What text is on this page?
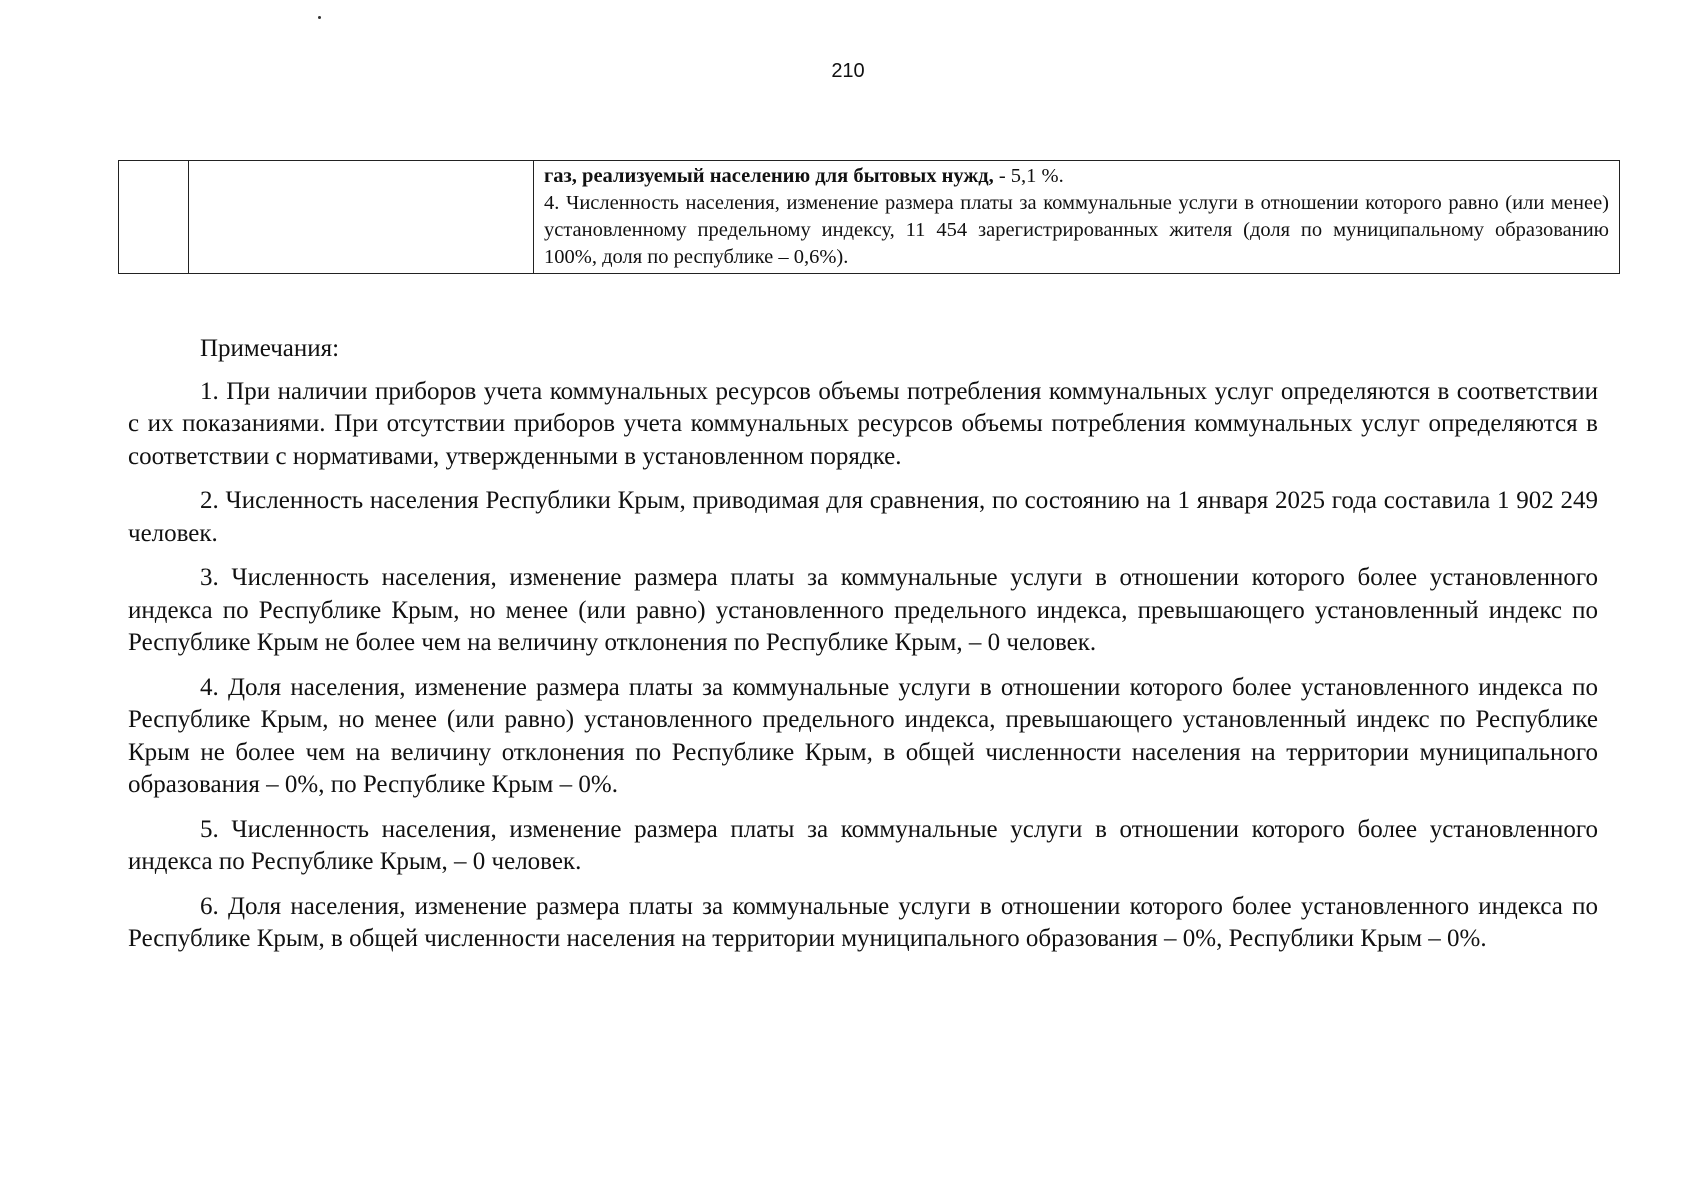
210

газ, реализуемый населению для бытовых нужд, - 5,1 %.
4. Численность населения, изменение размера платы за коммунальные услуги в отношении которого равно (или менее) установленному предельному индексу, 11 454 зарегистрированных жителя (доля по муниципальному образованию 100%, доля по республике – 0,6%).

Примечания:

1. При наличии приборов учета коммунальных ресурсов объемы потребления коммунальных услуг определяются в соответствии с их показаниями. При отсутствии приборов учета коммунальных ресурсов объемы потребления коммунальных услуг определяются в соответствии с нормативами, утвержденными в установленном порядке.

2. Численность населения Республики Крым, приводимая для сравнения, по состоянию на 1 января 2025 года составила 1 902 249 человек.

3. Численность населения, изменение размера платы за коммунальные услуги в отношении которого более установленного индекса по Республике Крым, но менее (или равно) установленного предельного индекса, превышающего установленный индекс по Республике Крым не более чем на величину отклонения по Республике Крым, – 0 человек.

4. Доля населения, изменение размера платы за коммунальные услуги в отношении которого более установленного индекса по Республике Крым, но менее (или равно) установленного предельного индекса, превышающего установленный индекс по Республике Крым не более чем на величину отклонения по Республике Крым, в общей численности населения на территории муниципального образования – 0%, по Республике Крым – 0%.

5. Численность населения, изменение размера платы за коммунальные услуги в отношении которого более установленного индекса по Республике Крым, – 0 человек.

6. Доля населения, изменение размера платы за коммунальные услуги в отношении которого более установленного индекса по Республике Крым, в общей численности населения на территории муниципального образования – 0%, Республики Крым – 0%.
